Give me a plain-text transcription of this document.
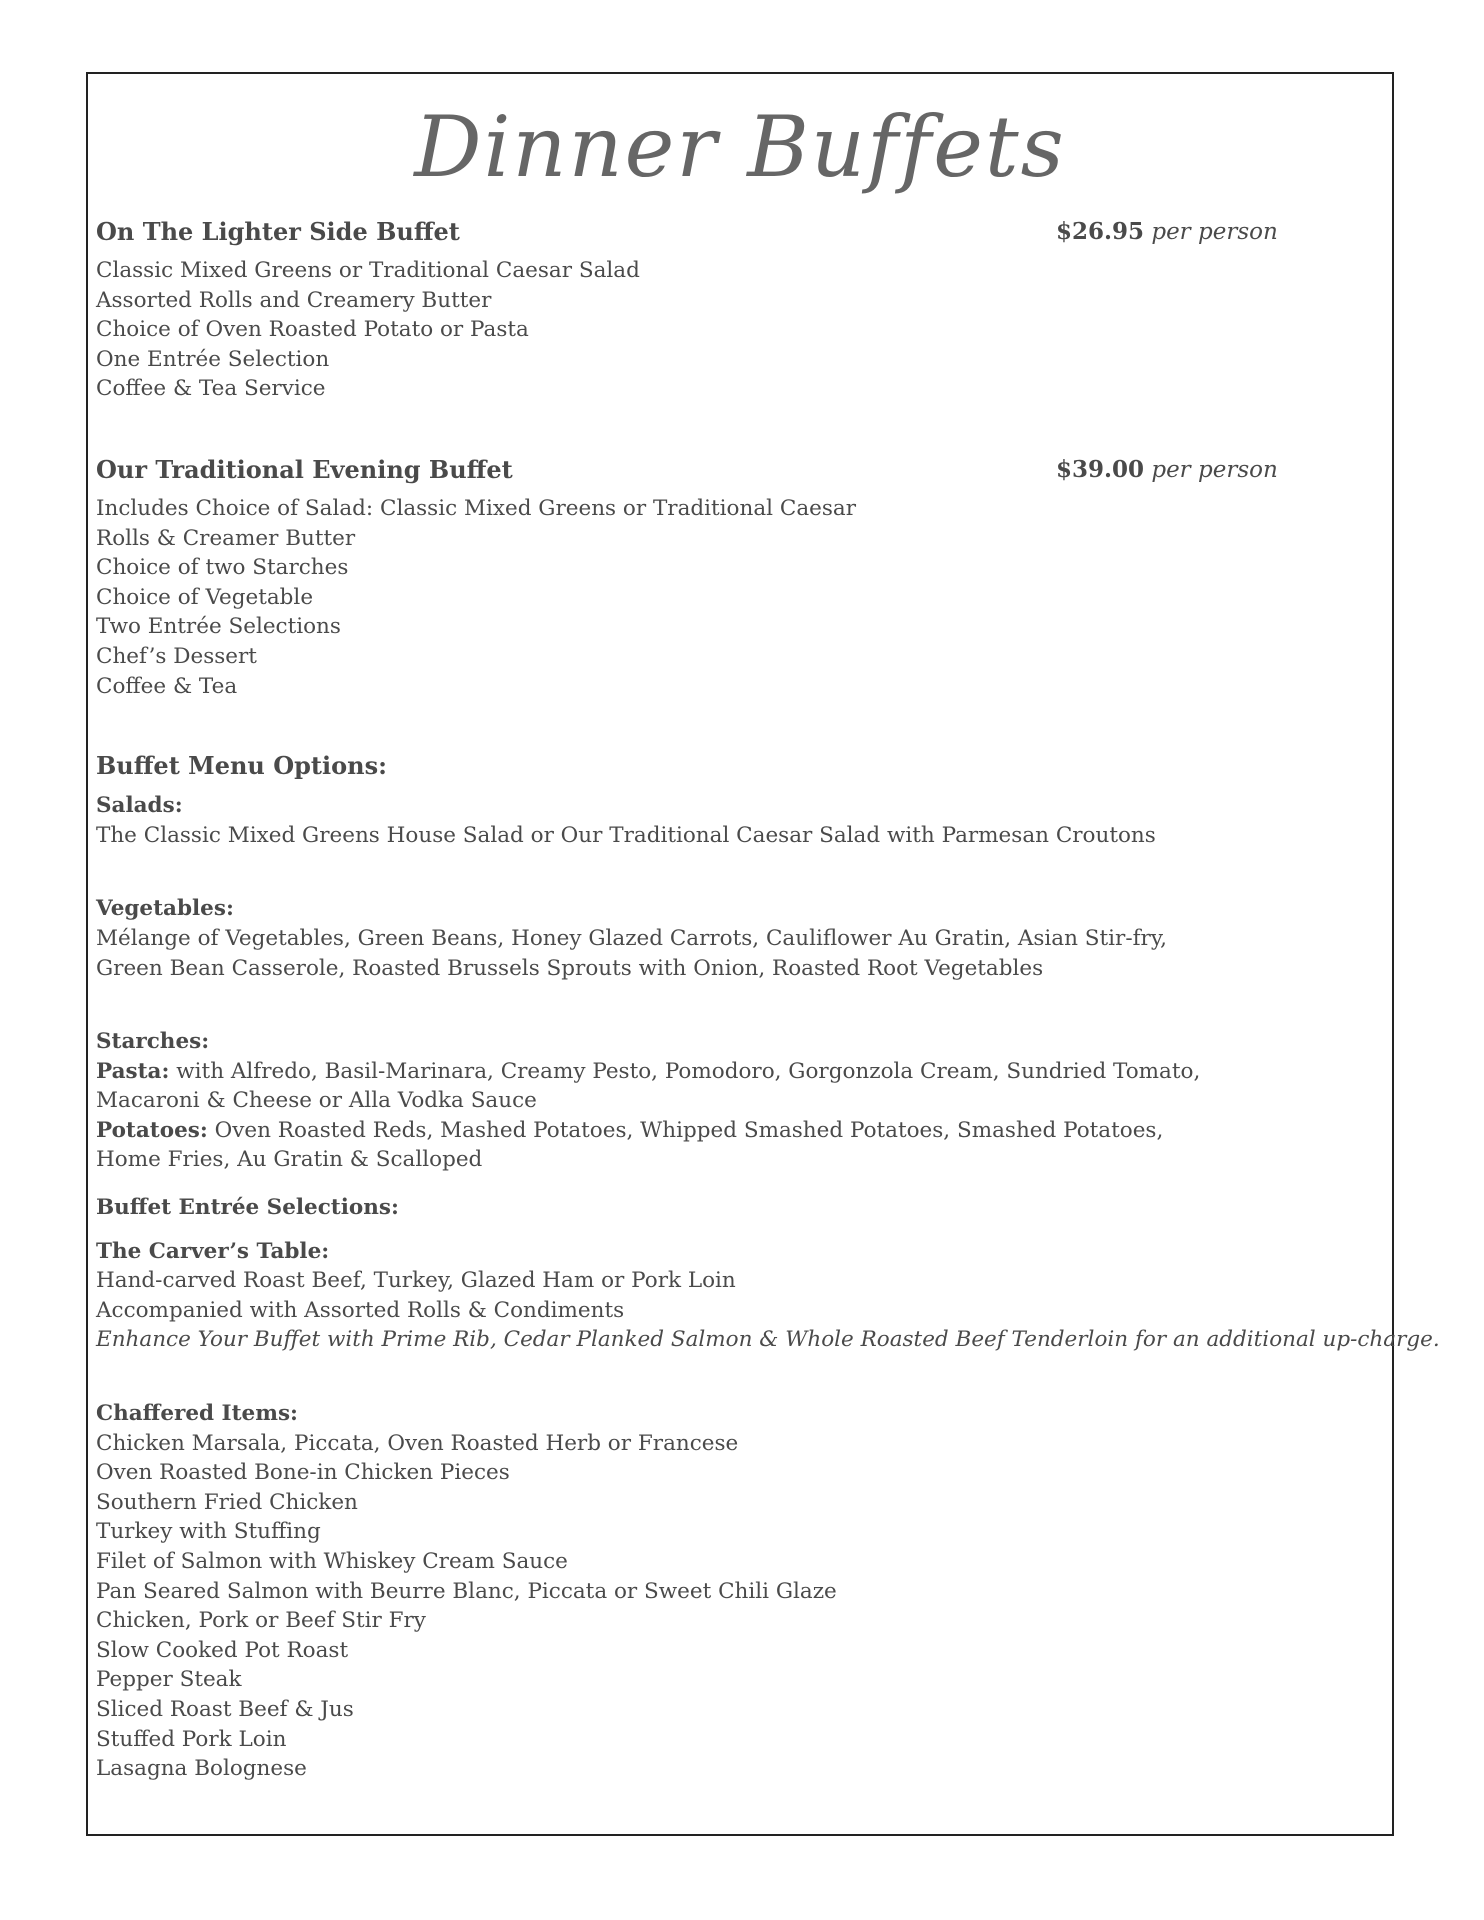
Dinner Buffets
On The Lighter Side Buffet	$26.95 per person
Classic Mixed Greens or Traditional Caesar Salad
Assorted Rolls and Creamery Butter
Choice of Oven Roasted Potato or Pasta
One Entrée Selection
Coffee & Tea Service
Our Traditional Evening Buffet	$39.00 per person
Includes Choice of Salad: Classic Mixed Greens or Traditional Caesar
Rolls & Creamer Butter
Choice of two Starches
Choice of Vegetable
Two Entrée Selections
Chef’s Dessert
Coffee & Tea
Buffet Menu Options:
Salads:
The Classic Mixed Greens House Salad or Our Traditional Caesar Salad with Parmesan Croutons
Vegetables:
Mélange of Vegetables, Green Beans, Honey Glazed Carrots, Cauliflower Au Gratin, Asian Stir-fry,
Green Bean Casserole, Roasted Brussels Sprouts with Onion, Roasted Root Vegetables
Starches:
Pasta: with Alfredo, Basil-Marinara, Creamy Pesto, Pomodoro, Gorgonzola Cream, Sundried Tomato,
Macaroni & Cheese or Alla Vodka Sauce
Potatoes: Oven Roasted Reds, Mashed Potatoes, Whipped Smashed Potatoes, Smashed Potatoes,
Home Fries, Au Gratin & Scalloped
Buffet Entrée Selections:
The Carver’s Table:
Hand-carved Roast Beef, Turkey, Glazed Ham or Pork Loin
Accompanied with Assorted Rolls & Condiments
Enhance Your Buffet with Prime Rib, Cedar Planked Salmon & Whole Roasted Beef Tenderloin for an additional up-charge.
Chaffered Items:
Chicken Marsala, Piccata, Oven Roasted Herb or Francese
Oven Roasted Bone-in Chicken Pieces
Southern Fried Chicken
Turkey with Stuffing
Filet of Salmon with Whiskey Cream Sauce
Pan Seared Salmon with Beurre Blanc, Piccata or Sweet Chili Glaze
Chicken, Pork or Beef Stir Fry
Slow Cooked Pot Roast
Pepper Steak
Sliced Roast Beef & Jus
Stuffed Pork Loin
Lasagna Bolognese
